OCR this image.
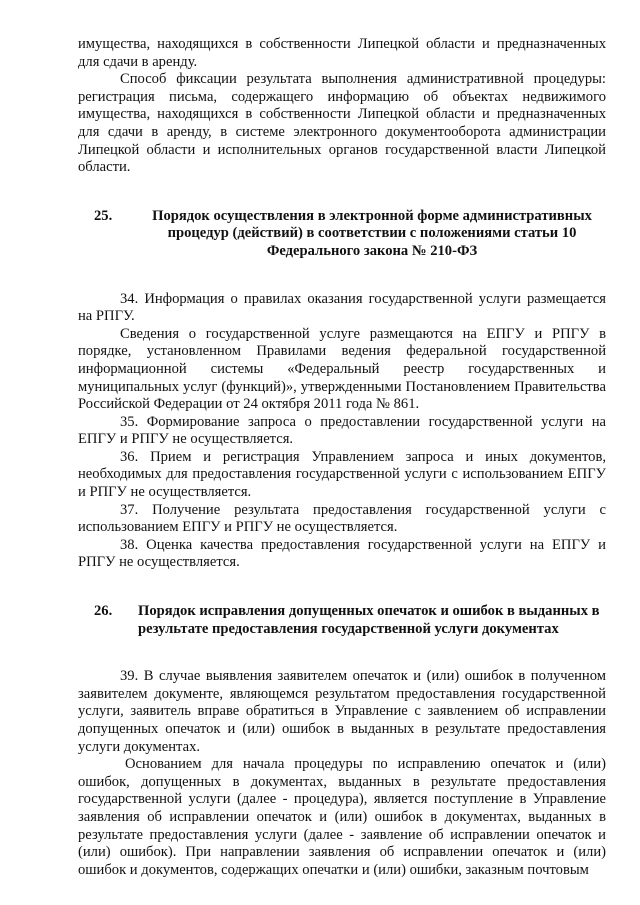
имущества, находящихся в собственности Липецкой области и предназначенных для сдачи в аренду.

Способ фиксации результата выполнения административной процедуры: регистрация письма, содержащего информацию об объектах недвижимого имущества, находящихся в собственности Липецкой области и предназначенных для сдачи в аренду, в системе электронного документооборота администрации Липецкой области и исполнительных органов государственной власти Липецкой области.

25.	Порядок осуществления в электронной форме административных процедур (действий) в соответствии с положениями статьи 10 Федерального закона № 210-ФЗ

34. Информация о правилах оказания государственной услуги размещается на РПГУ.

Сведения о государственной услуге размещаются на ЕПГУ и РПГУ в порядке, установленном Правилами ведения федеральной государственной информационной системы «Федеральный реестр государственных и муниципальных услуг (функций)», утвержденными Постановлением Правительства Российской Федерации от 24 октября 2011 года № 861.

35. Формирование запроса о предоставлении государственной услуги на ЕПГУ и РПГУ не осуществляется.

36. Прием и регистрация Управлением запроса и иных документов, необходимых для предоставления государственной услуги с использованием ЕПГУ и РПГУ не осуществляется.

37. Получение результата предоставления государственной услуги с использованием ЕПГУ и РПГУ не осуществляется.

38. Оценка качества предоставления государственной услуги на ЕПГУ и РПГУ не осуществляется.

26.	Порядок исправления допущенных опечаток и ошибок в выданных в результате предоставления государственной услуги документах

39. В случае выявления заявителем опечаток и (или) ошибок в полученном заявителем документе, являющемся результатом предоставления государственной услуги, заявитель вправе обратиться в Управление с заявлением об исправлении допущенных опечаток и (или) ошибок в выданных в результате предоставления услуги документах.

Основанием для начала процедуры по исправлению опечаток и (или) ошибок, допущенных в документах, выданных в результате предоставления государственной услуги (далее - процедура), является поступление в Управление заявления об исправлении опечаток и (или) ошибок в документах, выданных в результате предоставления услуги (далее - заявление об исправлении опечаток и (или) ошибок). При направлении заявления об исправлении опечаток и (или) ошибок и документов, содержащих опечатки и (или) ошибки, заказным почтовым
